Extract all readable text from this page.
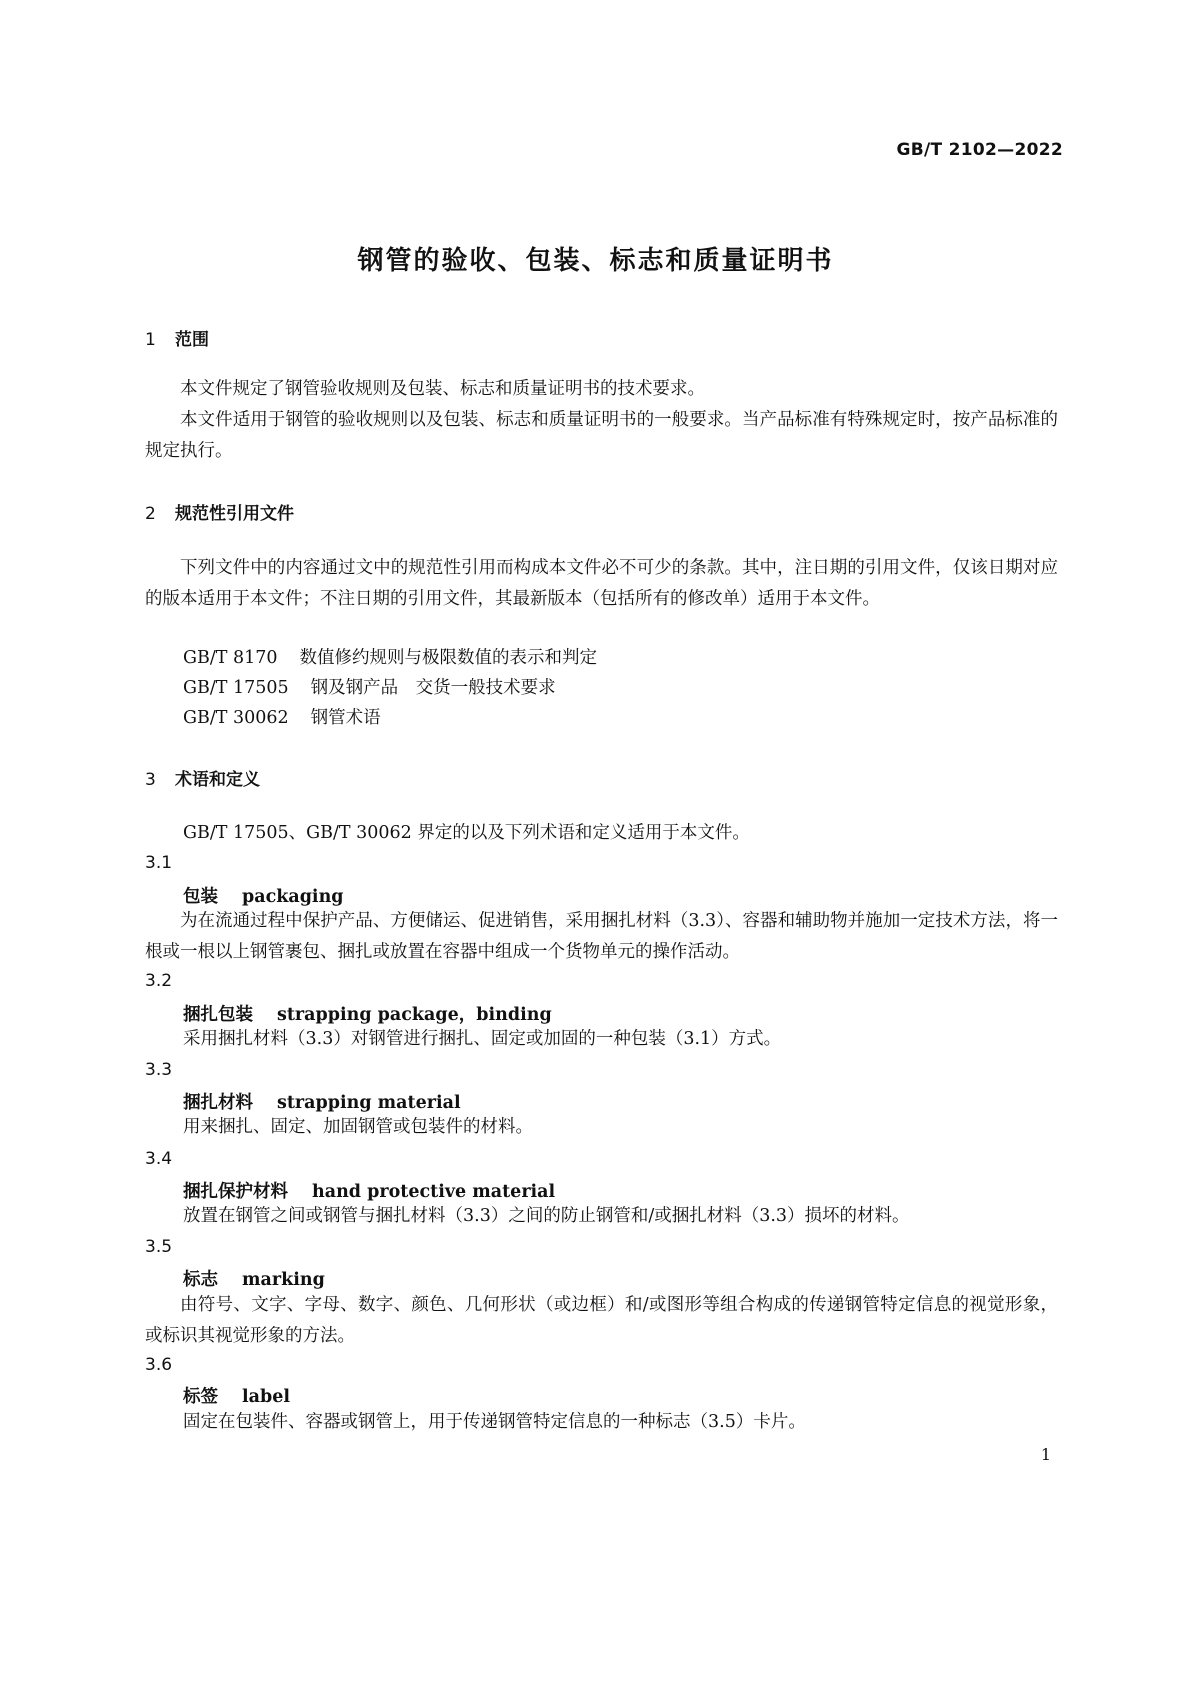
GB/T 2102—2022
钢管的验收、包装、标志和质量证明书
1 范围
本文件规定了钢管验收规则及包装、标志和质量证明书的技术要求。
本文件适用于钢管的验收规则以及包装、标志和质量证明书的一般要求。当产品标准有特殊规定时，按产品标准的规定执行。
2 规范性引用文件
下列文件中的内容通过文中的规范性引用而构成本文件必不可少的条款。其中，注日期的引用文件，仅该日期对应的版本适用于本文件；不注日期的引用文件，其最新版本（包括所有的修改单）适用于本文件。
GB/T 8170 数值修约规则与极限数值的表示和判定
GB/T 17505 钢及钢产品　交货一般技术要求
GB/T 30062 钢管术语
3 术语和定义
GB/T 17505、GB/T 30062 界定的以及下列术语和定义适用于本文件。
3.1
包装 packaging
为在流通过程中保护产品、方便储运、促进销售，采用捆扎材料（3.3）、容器和辅助物并施加一定技术方法，将一根或一根以上钢管裹包、捆扎或放置在容器中组成一个货物单元的操作活动。
3.2
捆扎包装 strapping package，binding
采用捆扎材料（3.3）对钢管进行捆扎、固定或加固的一种包装（3.1）方式。
3.3
捆扎材料 strapping material
用来捆扎、固定、加固钢管或包装件的材料。
3.4
捆扎保护材料 hand protective material
放置在钢管之间或钢管与捆扎材料（3.3）之间的防止钢管和/或捆扎材料（3.3）损坏的材料。
3.5
标志 marking
由符号、文字、字母、数字、颜色、几何形状（或边框）和/或图形等组合构成的传递钢管特定信息的视觉形象，或标识其视觉形象的方法。
3.6
标签 label
固定在包装件、容器或钢管上，用于传递钢管特定信息的一种标志（3.5）卡片。
1
